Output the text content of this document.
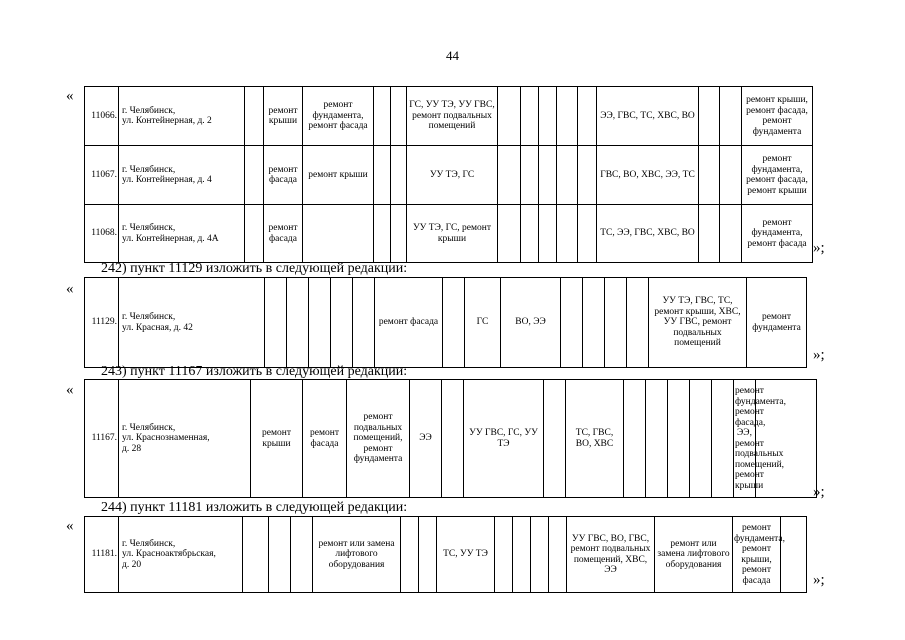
44
«
11066.	г. Челябинск,
ул. Контейнерная, д. 2		ремонт крыши	ремонт фундамента, ремонт фасада			ГС, УУ ТЭ, УУ ГВС, ремонт подвальных помещений						ЭЭ, ГВС, ТС, ХВС, ВО			ремонт крыши, ремонт фасада, ремонт фундамента
11067.	г. Челябинск,
ул. Контейнерная, д. 4		ремонт фасада	ремонт крыши			УУ ТЭ, ГС						ГВС, ВО, ХВС, ЭЭ, ТС			ремонт фундамента, ремонт фасада, ремонт крыши
11068.	г. Челябинск,
ул. Контейнерная, д. 4А		ремонт фасада				УУ ТЭ, ГС, ремонт крыши						ТС, ЭЭ, ГВС, ХВС, ВО			ремонт фундамента, ремонт фасада »;
242) пункт 11129 изложить в следующей редакции:
«
11129.	г. Челябинск,
ул. Красная, д. 42						ремонт фасада		ГС	ВО, ЭЭ					УУ ТЭ, ГВС, ТС, ремонт крыши, ХВС, УУ ГВС, ремонт подвальных помещений	ремонт фундамента
»;
243) пункт 11167 изложить в следующей редакции:
«
11167.	г. Челябинск,
ул. Краснознаменная,
д. 28	ремонт крыши	ремонт фасада	ремонт подвальных помещений, ремонт фундамента	ЭЭ		УУ ГВС, ГС, УУ ТЭ		ТС, ГВС, ВО, ХВС						ремонт фундамента, ремонт фасада, ЭЭ, ремонт подвальных помещений, ремонт крыши		»;
244) пункт 11181 изложить в следующей редакции:
«
11181.	г. Челябинск,
ул. Красноактябрьская,
д. 20				ремонт или замена лифтового оборудования			ТС, УУ ТЭ					УУ ГВС, ВО, ГВС, ремонт подвальных помещений, ХВС, ЭЭ	ремонт или замена лифтового оборудования	ремонт фундамента, ремонт крыши, ремонт фасада		»;
